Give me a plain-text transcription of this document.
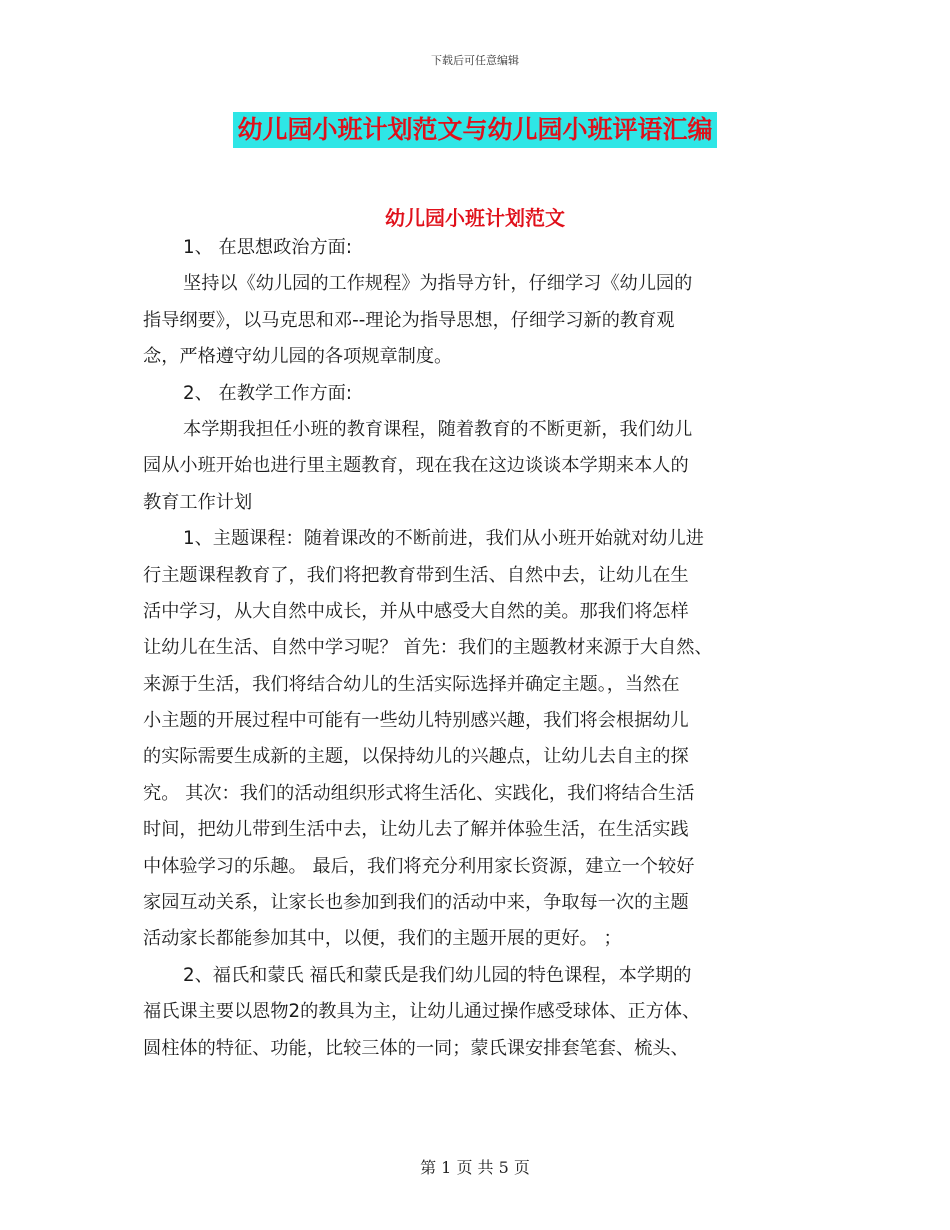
下载后可任意编辑
幼儿园小班计划范文与幼儿园小班评语汇编
幼儿园小班计划范文
1、 在思想政治方面:
坚持以《幼儿园的工作规程》为指导方针，仔细学习《幼儿园的
指导纲要》，以马克思和邓--理论为指导思想，仔细学习新的教育观
念，严格遵守幼儿园的各项规章制度。
2、 在教学工作方面:
本学期我担任小班的教育课程，随着教育的不断更新，我们幼儿
园从小班开始也进行里主题教育，现在我在这边谈谈本学期来本人的
教育工作计划
1、主题课程：随着课改的不断前进，我们从小班开始就对幼儿进
行主题课程教育了，我们将把教育带到生活、自然中去，让幼儿在生
活中学习，从大自然中成长，并从中感受大自然的美。那我们将怎样
让幼儿在生活、自然中学习呢？ 首先：我们的主题教材来源于大自然、
来源于生活，我们将结合幼儿的生活实际选择并确定主题。，当然在
小主题的开展过程中可能有一些幼儿特别感兴趣，我们将会根据幼儿
的实际需要生成新的主题，以保持幼儿的兴趣点，让幼儿去自主的探
究。 其次：我们的活动组织形式将生活化、实践化，我们将结合生活
时间，把幼儿带到生活中去，让幼儿去了解并体验生活，在生活实践
中体验学习的乐趣。 最后，我们将充分利用家长资源，建立一个较好
家园互动关系，让家长也参加到我们的活动中来，争取每一次的主题
活动家长都能参加其中，以便，我们的主题开展的更好。 ；
2、福氏和蒙氏 福氏和蒙氏是我们幼儿园的特色课程，本学期的
福氏课主要以恩物2的教具为主，让幼儿通过操作感受球体、正方体、
圆柱体的特征、功能，比较三体的一同；蒙氏课安排套笔套、梳头、
第 1 页 共 5 页
